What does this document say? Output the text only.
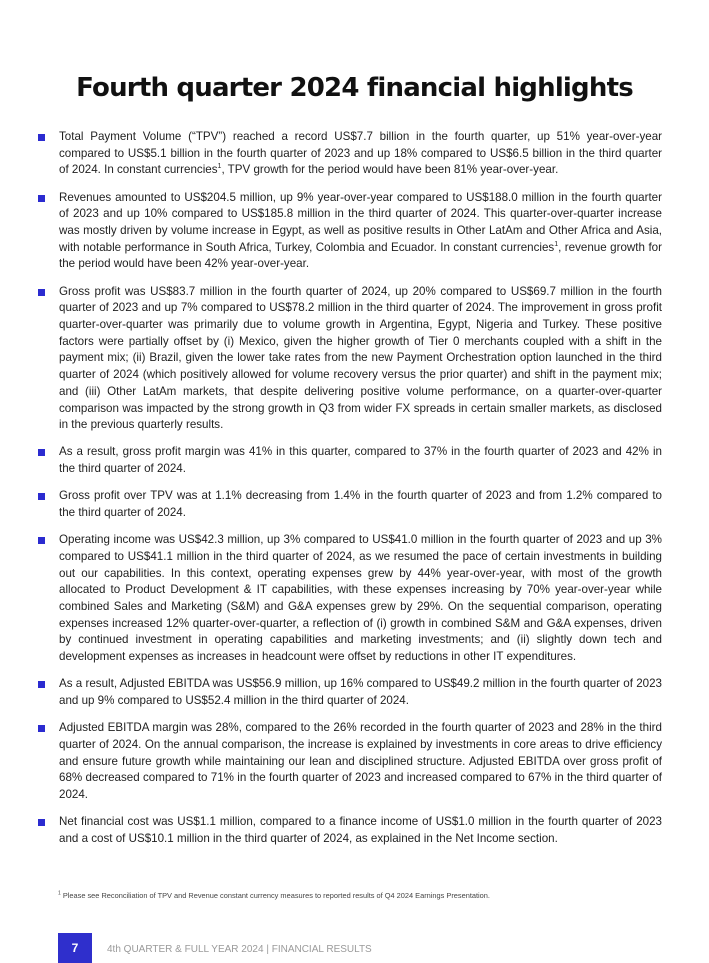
Fourth quarter 2024 financial highlights
Total Payment Volume (“TPV”) reached a record US$7.7 billion in the fourth quarter, up 51% year-over-year compared to US$5.1 billion in the fourth quarter of 2023 and up 18% compared to US$6.5 billion in the third quarter of 2024. In constant currencies$^1$, TPV growth for the period would have been 81% year-over-year.
Revenues amounted to US$204.5 million, up 9% year-over-year compared to US$188.0 million in the fourth quarter of 2023 and up 10% compared to US$185.8 million in the third quarter of 2024. This quarter-over-quarter increase was mostly driven by volume increase in Egypt, as well as positive results in Other LatAm and Other Africa and Asia, with notable performance in South Africa, Turkey, Colombia and Ecuador. In constant currencies$^1$, revenue growth for the period would have been 42% year-over-year.
Gross profit was US$83.7 million in the fourth quarter of 2024, up 20% compared to US$69.7 million in the fourth quarter of 2023 and up 7% compared to US$78.2 million in the third quarter of 2024. The improvement in gross profit quarter-over-quarter was primarily due to volume growth in Argentina, Egypt, Nigeria and Turkey. These positive factors were partially offset by (i) Mexico, given the higher growth of Tier 0 merchants coupled with a shift in the payment mix; (ii) Brazil, given the lower take rates from the new Payment Orchestration option launched in the third quarter of 2024 (which positively allowed for volume recovery versus the prior quarter) and shift in the payment mix; and (iii) Other LatAm markets, that despite delivering positive volume performance, on a quarter-over-quarter comparison was impacted by the strong growth in Q3 from wider FX spreads in certain smaller markets, as disclosed in the previous quarterly results.
As a result, gross profit margin was 41% in this quarter, compared to 37% in the fourth quarter of 2023 and 42% in the third quarter of 2024.
Gross profit over TPV was at 1.1% decreasing from 1.4% in the fourth quarter of 2023 and from 1.2% compared to the third quarter of 2024.
Operating income was US$42.3 million, up 3% compared to US$41.0 million in the fourth quarter of 2023 and up 3% compared to US$41.1 million in the third quarter of 2024, as we resumed the pace of certain investments in building out our capabilities. In this context, operating expenses grew by 44% year-over-year, with most of the growth allocated to Product Development & IT capabilities, with these expenses increasing by 70% year-over-year while combined Sales and Marketing (S&M) and G&A expenses grew by 29%. On the sequential comparison, operating expenses increased 12% quarter-over-quarter, a reflection of (i) growth in combined S&M and G&A expenses, driven by continued investment in operating capabilities and marketing investments; and (ii) slightly down tech and development expenses as increases in headcount were offset by reductions in other IT expenditures.
As a result, Adjusted EBITDA was US$56.9 million, up 16% compared to US$49.2 million in the fourth quarter of 2023 and up 9% compared to US$52.4 million in the third quarter of 2024.
Adjusted EBITDA margin was 28%, compared to the 26% recorded in the fourth quarter of 2023 and 28% in the third quarter of 2024. On the annual comparison, the increase is explained by investments in core areas to drive efficiency and ensure future growth while maintaining our lean and disciplined structure. Adjusted EBITDA over gross profit of 68% decreased compared to 71% in the fourth quarter of 2023 and increased compared to 67% in the third quarter of 2024.
Net financial cost was US$1.1 million, compared to a finance income of US$1.0 million in the fourth quarter of 2023 and a cost of US$10.1 million in the third quarter of 2024, as explained in the Net Income section.
$^1$ Please see Reconciliation of TPV and Revenue constant currency measures to reported results of Q4 2024 Earnings Presentation.
7	4th QUARTER & FULL YEAR 2024 | FINANCIAL RESULTS
